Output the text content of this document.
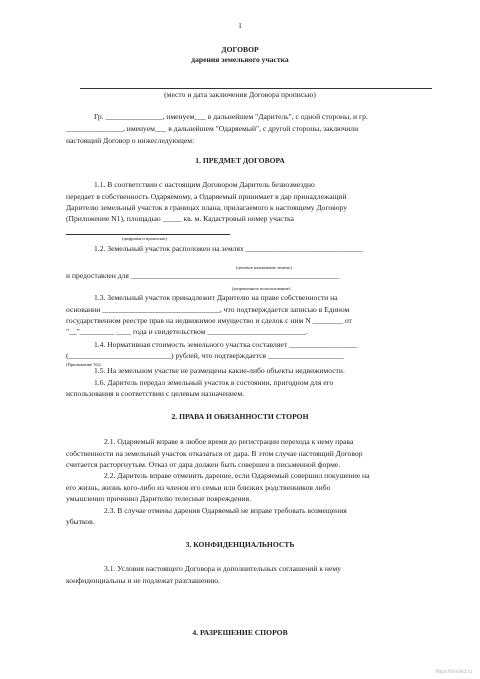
1
ДОГОВОР
дарения земельного участка
(место и дата заключения Договора прописью)
Гр. _______________, именуем___ в дальнейшем "Даритель", с одной стороны, и гр.
_______________, именуем___ в дальнейшем "Одаряемый", с другой стороны, заключили
настоящий Договор о нижеследующем:
1. ПРЕДМЕТ ДОГОВОРА
1.1. В соответствии с настоящим Договором Даритель безвозмездно
передает в собственность Одаряемому, а Одаряемый принимает в дар принадлежащий
Дарителю земельный участок в границах плана, прилагаемого к настоящему Договору
(Приложение N1), площадью _____ кв. м. Кадастровый номер участка
(цифрами и прописью)
1.2. Земельный участок расположен на землях _______________________________
(целевое назначение земель)
и предоставлен для _______________________________________________________
(разрешенное использование)
1.3. Земельный участок принадлежит Дарителю на праве собственности на
основании _______________________________, что подтверждается записью в Едином
государственном реестре прав на недвижимое имущество и сделок с ним N ________ от
"__"_________ ____ года и свидетельством __________________________.
1.4. Нормативная стоимость земельного участка составляет __________________
(___________________________) рублей, что подтверждается ____________________
(Приложение N2).
1.5. На земельном участке не размещены какие-либо объекты недвижимости.
1.6. Даритель передал земельный участок в состоянии, пригодном для его
использования в соответствии с целевым назначением.
2. ПРАВА И ОБЯЗАННОСТИ СТОРОН
2.1. Одаряемый вправе в любое время до регистрации перехода к нему права
собственности на земельный участок отказаться от дара. В этом случае настоящий Договор
считается расторгнутым. Отказ от дара должен быть совершен в письменной форме.
2.2. Даритель вправе отменить дарение, если Одаряемый совершил покушение на
его жизнь, жизнь кого-либо из членов его семьи или близких родственников либо
умышленно причинил Дарителю телесные повреждения.
2.3. В случае отмены дарения Одаряемый не вправе требовать возмещения
убытков.
3. КОНФИДЕНЦИАЛЬНОСТЬ
3.1. Условия настоящего Договора и дополнительных соглашений к нему
конфиденциальны и не подлежат разглашению.
4. РАЗРЕШЕНИЕ СПОРОВ
https://blankid.ru
